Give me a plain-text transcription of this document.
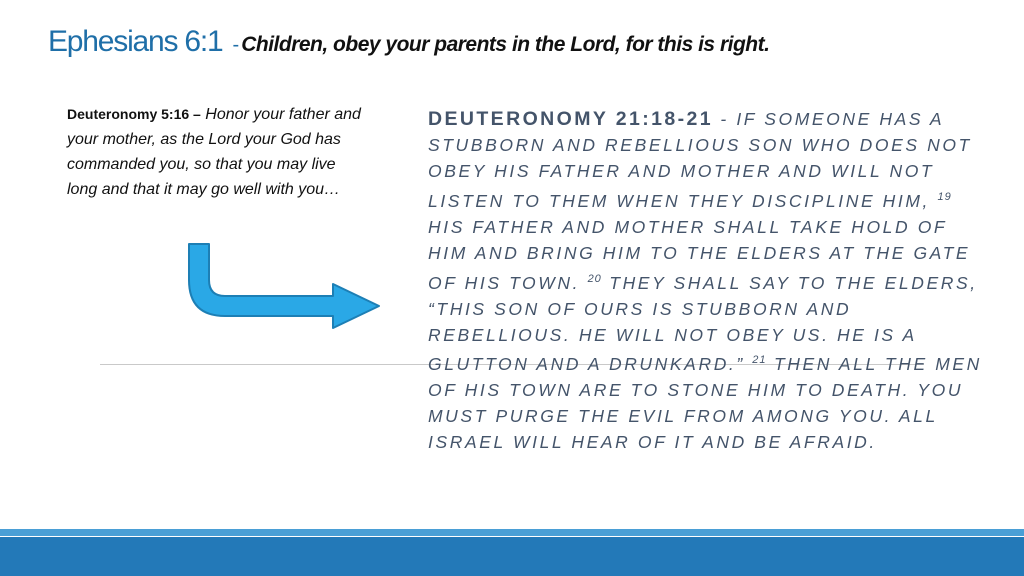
Ephesians 6:1 -Children, obey your parents in the Lord, for this is right.
Deuteronomy 5:16 – Honor your father and your mother, as the Lord your God has commanded you, so that you may live long and that it may go well with you…
DEUTERONOMY 21:18-21 - IF SOMEONE HAS A STUBBORN AND REBELLIOUS SON WHO DOES NOT OBEY HIS FATHER AND MOTHER AND WILL NOT LISTEN TO THEM WHEN THEY DISCIPLINE HIM, $^{19}$ HIS FATHER AND MOTHER SHALL TAKE HOLD OF HIM AND BRING HIM TO THE ELDERS AT THE GATE OF HIS TOWN. $^{20}$ THEY SHALL SAY TO THE ELDERS, “THIS SON OF OURS IS STUBBORN AND REBELLIOUS. HE WILL NOT OBEY US. HE IS A GLUTTON AND A DRUNKARD.” $^{21}$ THEN ALL THE MEN OF HIS TOWN ARE TO STONE HIM TO DEATH. YOU MUST PURGE THE EVIL FROM AMONG YOU. ALL ISRAEL WILL HEAR OF IT AND BE AFRAID.
